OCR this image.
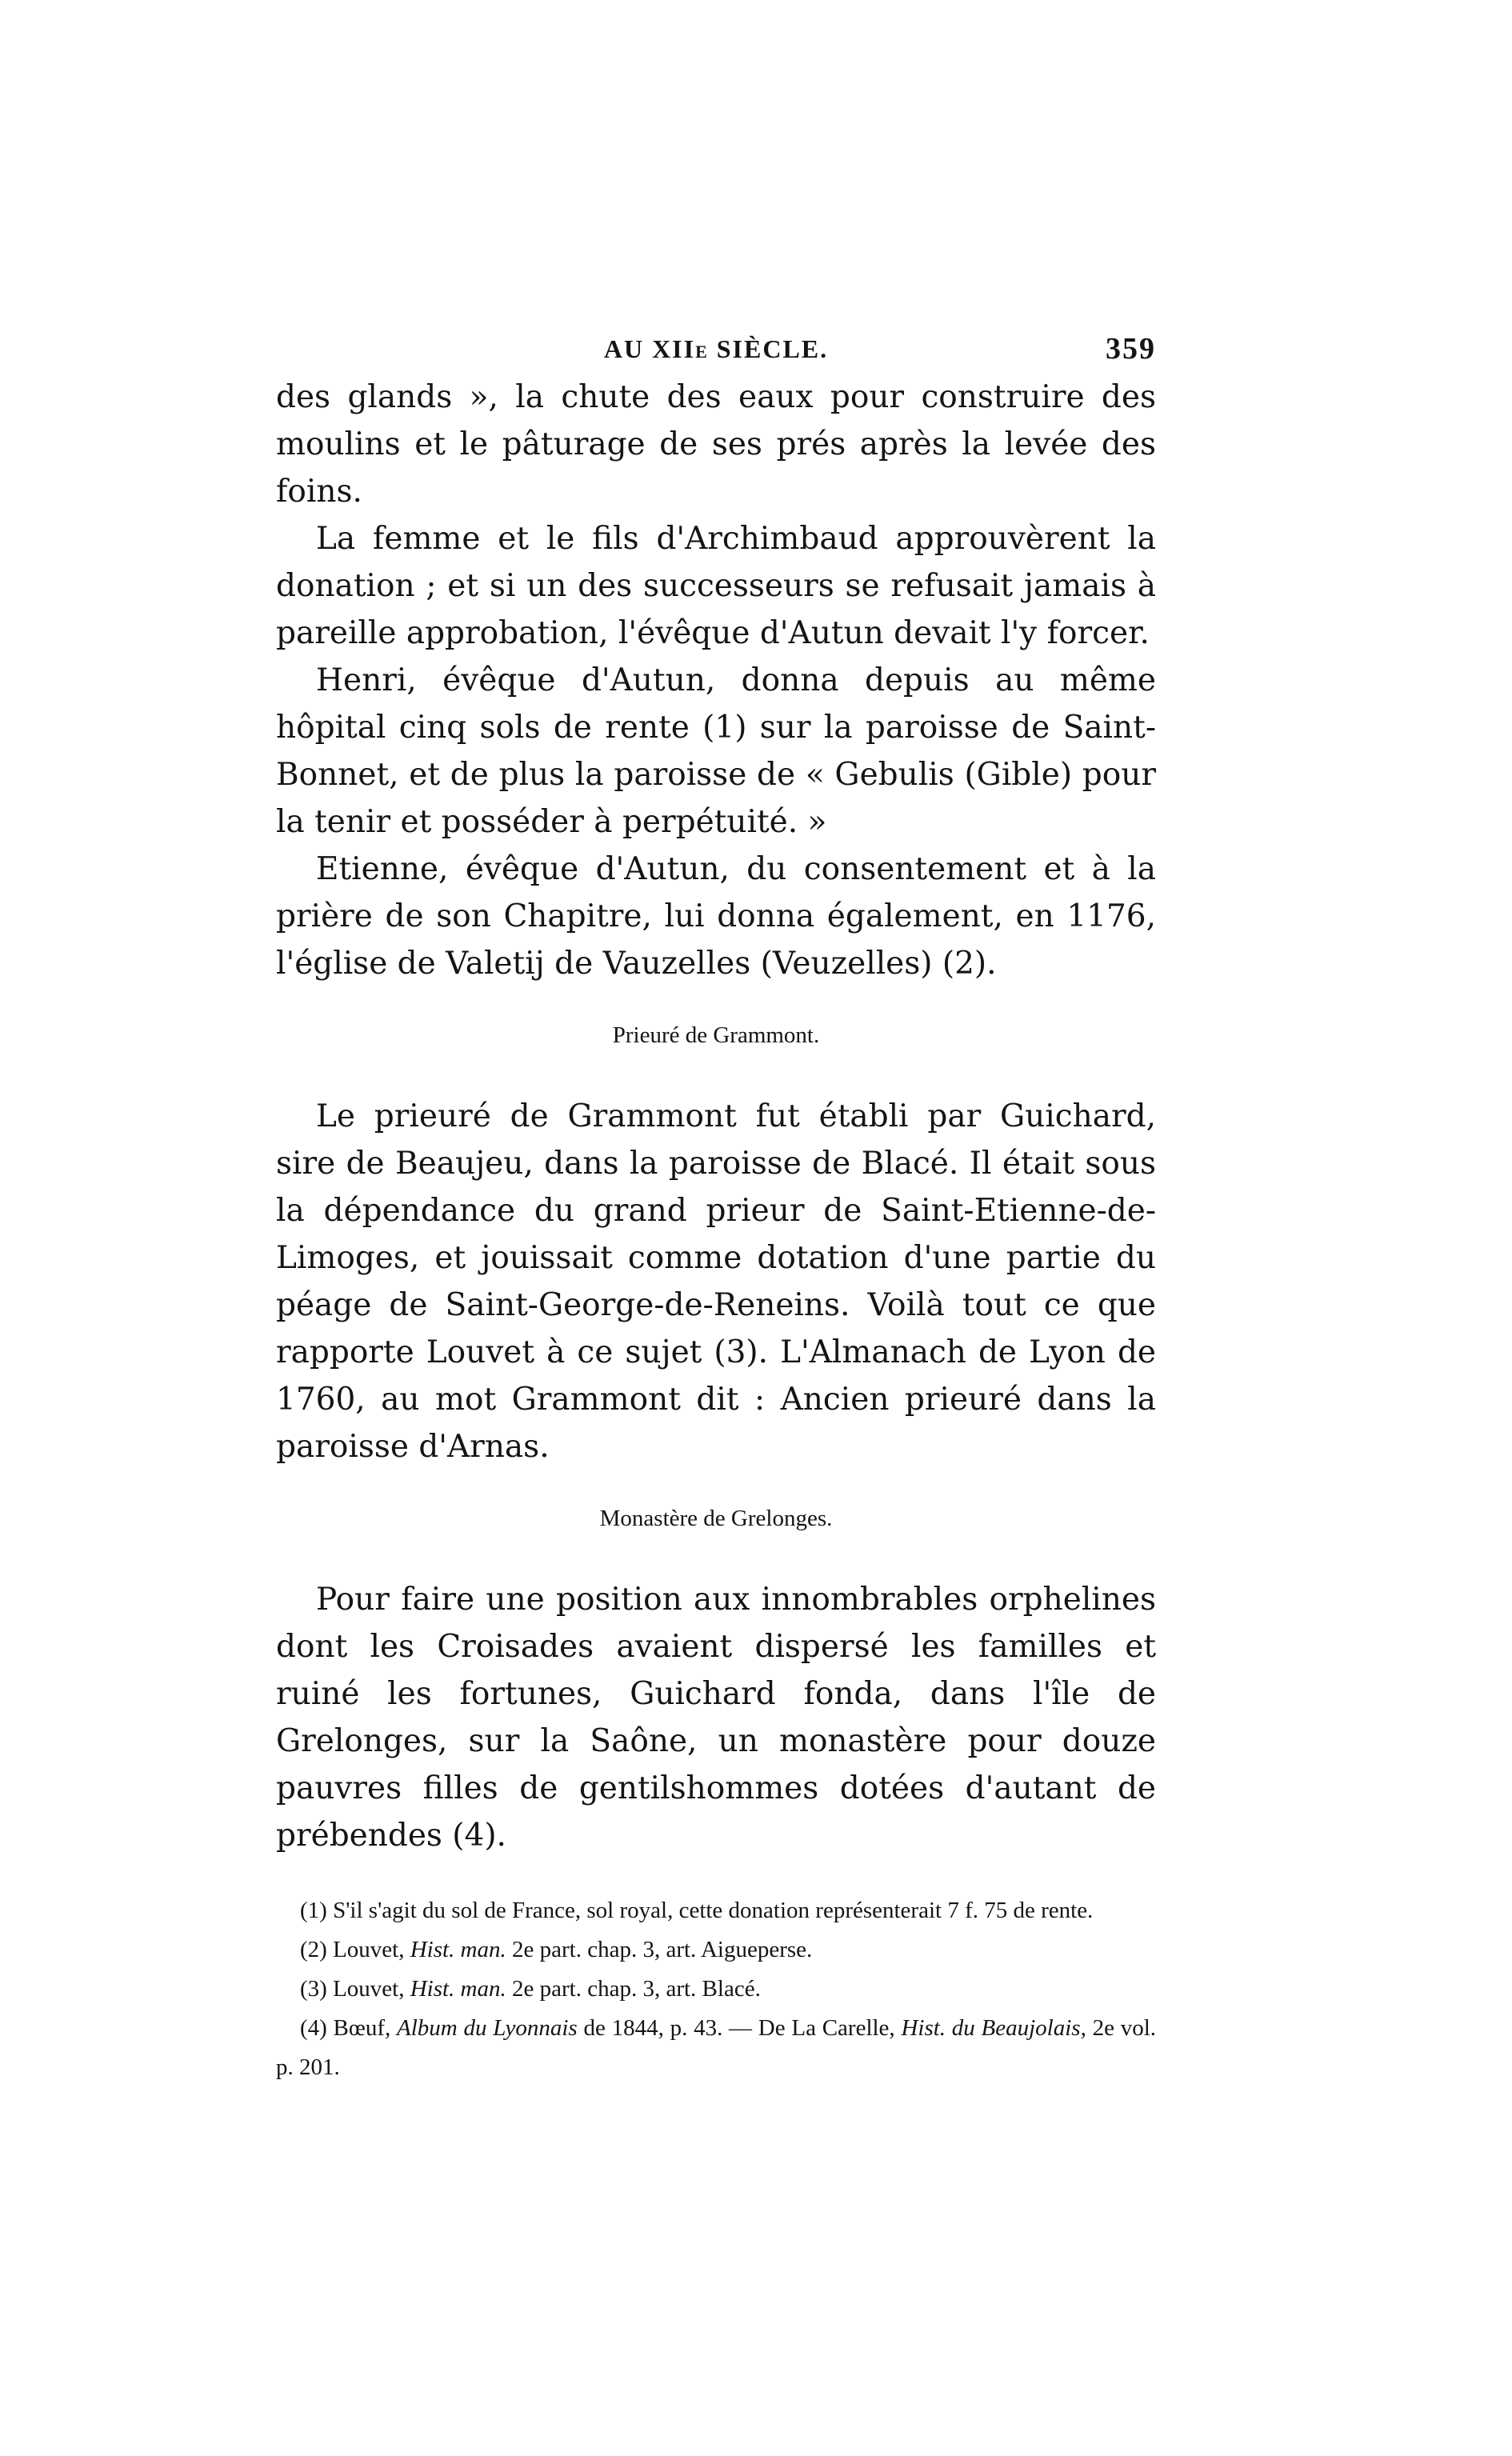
AU XIIe SIÈCLE.	359

des glands », la chute des eaux pour construire des moulins et le pâturage de ses prés après la levée des foins.

La femme et le fils d'Archimbaud approuvèrent la donation ; et si un des successeurs se refusait jamais à pareille approbation, l'évêque d'Autun devait l'y forcer.

Henri, évêque d'Autun, donna depuis au même hôpital cinq sols de rente (1) sur la paroisse de Saint-Bonnet, et de plus la paroisse de « Gebulis (Gible) pour la tenir et posséder à perpétuité. »

Etienne, évêque d'Autun, du consentement et à la prière de son Chapitre, lui donna également, en 1176, l'église de Valetij de Vauzelles (Veuzelles) (2).

Prieuré de Grammont.

Le prieuré de Grammont fut établi par Guichard, sire de Beaujeu, dans la paroisse de Blacé. Il était sous la dépendance du grand prieur de Saint-Etienne-de-Limoges, et jouissait comme dotation d'une partie du péage de Saint-George-de-Reneins. Voilà tout ce que rapporte Louvet à ce sujet (3). L'Almanach de Lyon de 1760, au mot Grammont dit : Ancien prieuré dans la paroisse d'Arnas.

Monastère de Grelonges.

Pour faire une position aux innombrables orphelines dont les Croisades avaient dispersé les familles et ruiné les fortunes, Guichard fonda, dans l'île de Grelonges, sur la Saône, un monastère pour douze pauvres filles de gentilshommes dotées d'autant de prébendes (4).

(1) S'il s'agit du sol de France, sol royal, cette donation représenterait 7 f. 75 de rente.

(2) Louvet, Hist. man. 2e part. chap. 3, art. Aigueperse.

(3) Louvet, Hist. man. 2e part. chap. 3, art. Blacé.

(4) Bœuf, Album du Lyonnais de 1844, p. 43. — De La Carelle, Hist. du Beaujolais, 2e vol. p. 201.
